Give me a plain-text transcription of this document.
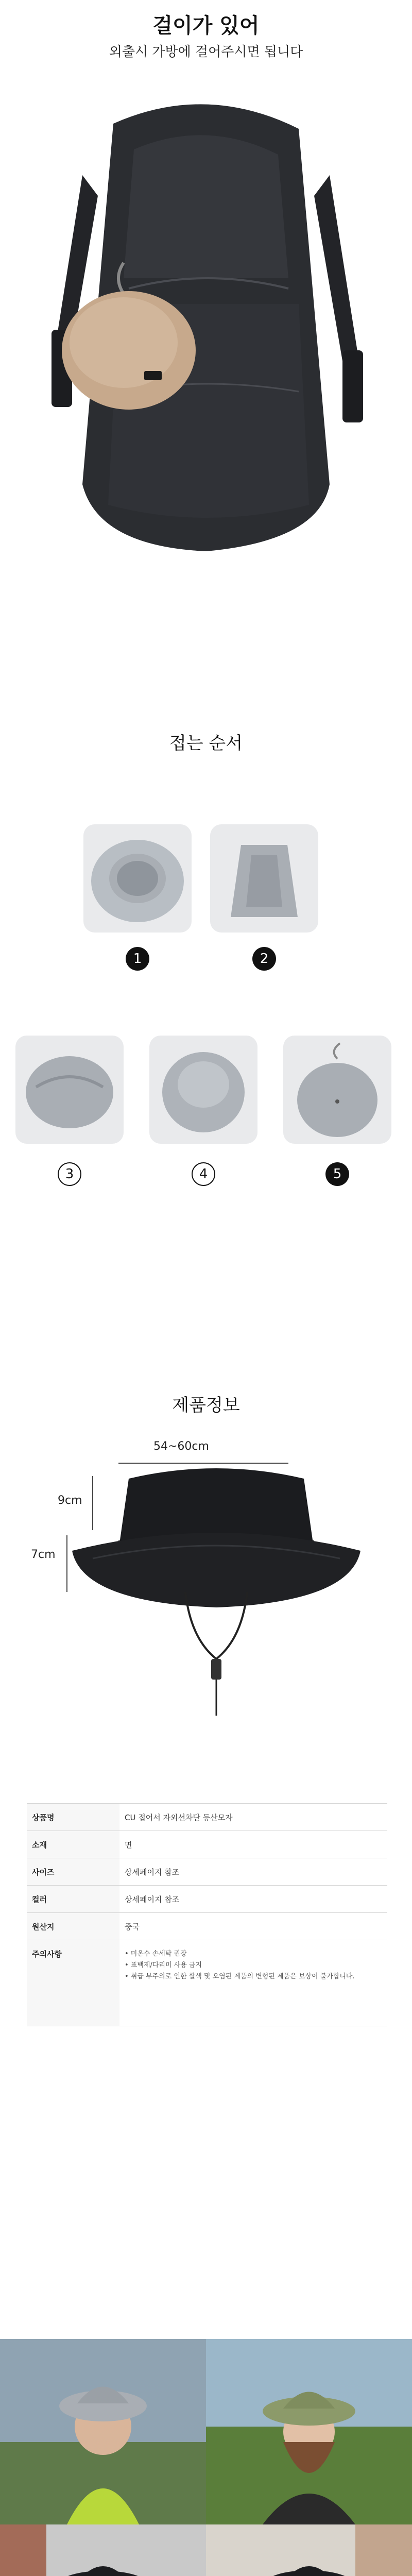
걸이가 있어
외출시 가방에 걸어주시면 됩니다
접는 순서
1	2
3	4	5
제품정보
54~60cm
9cm
7cm
상품명	CU 접어서 자외선차단 등산모자
소재	면
사이즈	상세페이지 참조
컬러	상세페이지 참조
원산지	중국
주의사항	• 미온수 손세탁 권장
• 표백제/다리미 사용 금지
• 취급 부주의로 인한 할색 및 오염된 제품의 변형된 제품은 보상이 불가합니다.
